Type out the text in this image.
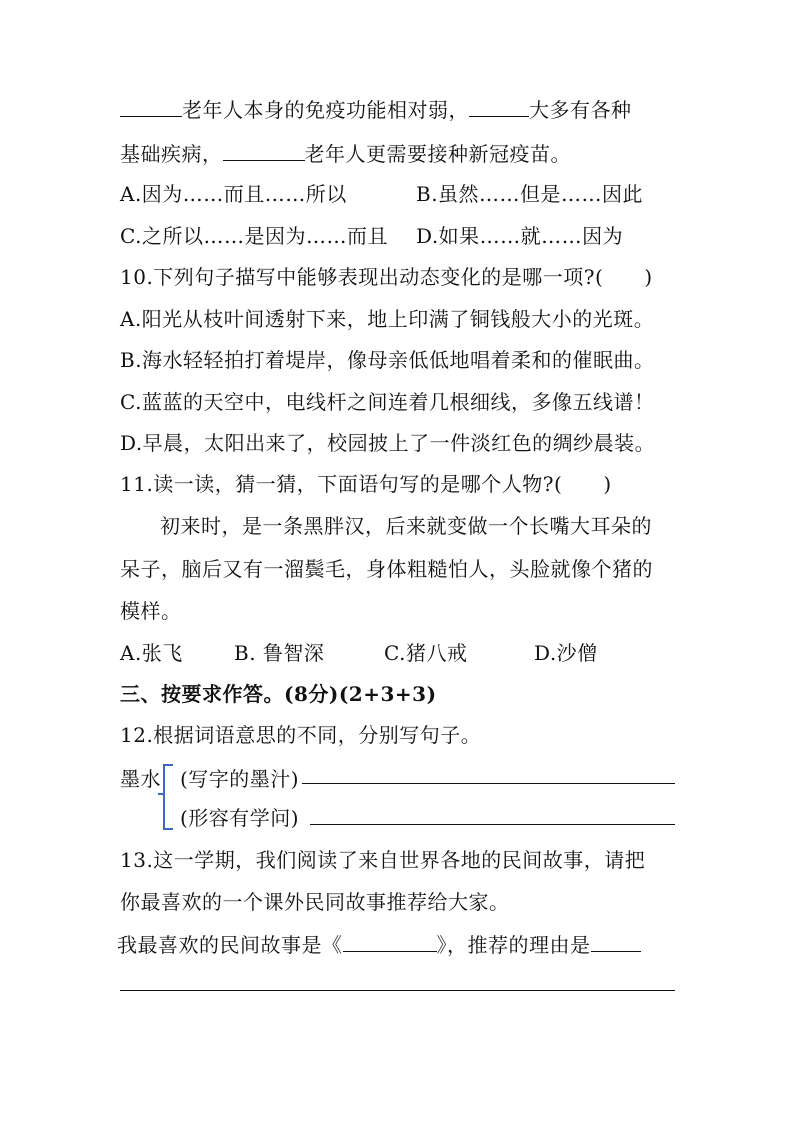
老年人本身的免疫功能相对弱，	大多有各种
基础疾病，	老年人更需要接种新冠疫苗。
A.因为……而且……所以	B.虽然……但是……因此
C.之所以……是因为……而且 D.如果……就……因为
10.下列句子描写中能够表现出动态变化的是哪一项?(　　)
A.阳光从枝叶间透射下来，地上印满了铜钱般大小的光斑。
B.海水轻轻拍打着堤岸，像母亲低低地唱着柔和的催眠曲。
C.蓝蓝的天空中，电线杆之间连着几根细线，多像五线谱！
D.早晨，太阳出来了，校园披上了一件淡红色的绸纱晨装。
11.读一读，猜一猜，下面语句写的是哪个人物?(　　)
初来时，是一条黑胖汉，后来就变做一个长嘴大耳朵的
呆子，脑后又有一溜鬓毛，身体粗糙怕人，头脸就像个猪的
模样。
A.张飞	B. 鲁智深	C.猪八戒	D.沙僧
三、按要求作答。(8分)(2+3+3)
12.根据词语意思的不同，分别写句子。
墨水 (写字的墨汁)
(形容有学问)
13.这一学期，我们阅读了来自世界各地的民间故事，请把
你最喜欢的一个课外民同故事推荐给大家。
我最喜欢的民间故事是《	》，推荐的理由是
